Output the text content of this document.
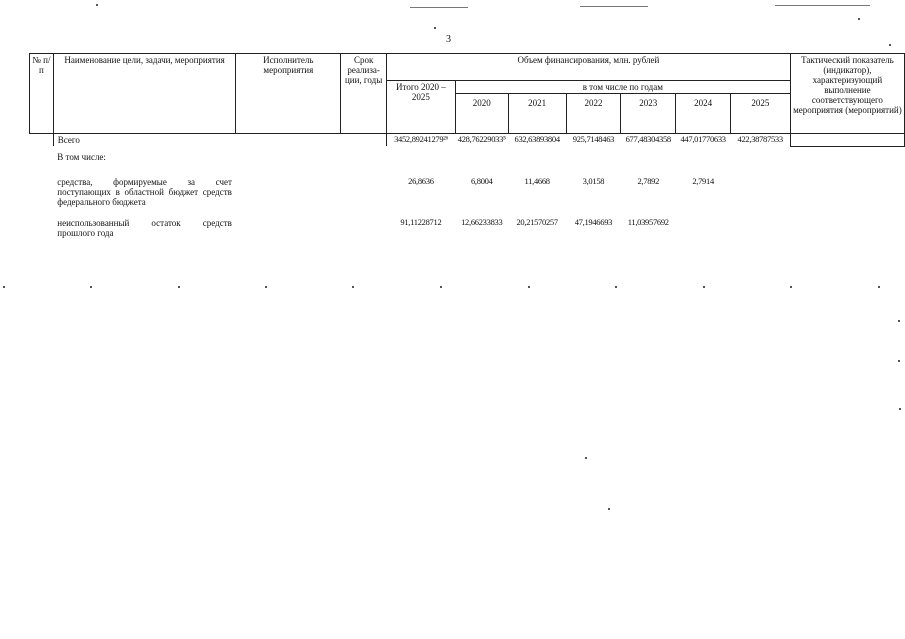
3
№ п/п	Наименование цели, задачи, мероприятия	Исполнитель мероприятия	Срок реализа-ции, годы	Объем финансирования, млн. рублей							Тактический показатель (индикатор), характеризующий выполнение соответствующего мероприятия (мероприятий)
				Итого 2020 – 2025	в том числе по годам						
					2020	2021	2022	2023	2024	2025	
	Всего			3452,89241279²⁶	428,76229033⁵	632,63893804	925,7148463	677,48304358	447,01770633	422,38787533	
	В том числе:										
	средства, формируемые за счет поступающих в областной бюджет средств федерального бюджета			26,8636	6,8004	11,4668	3,0158	2,7892	2,7914		
	неиспользованный остаток средств прошлого года			91,11228712	12,66233833	20,21570257	47,1946693	11,03957692			
